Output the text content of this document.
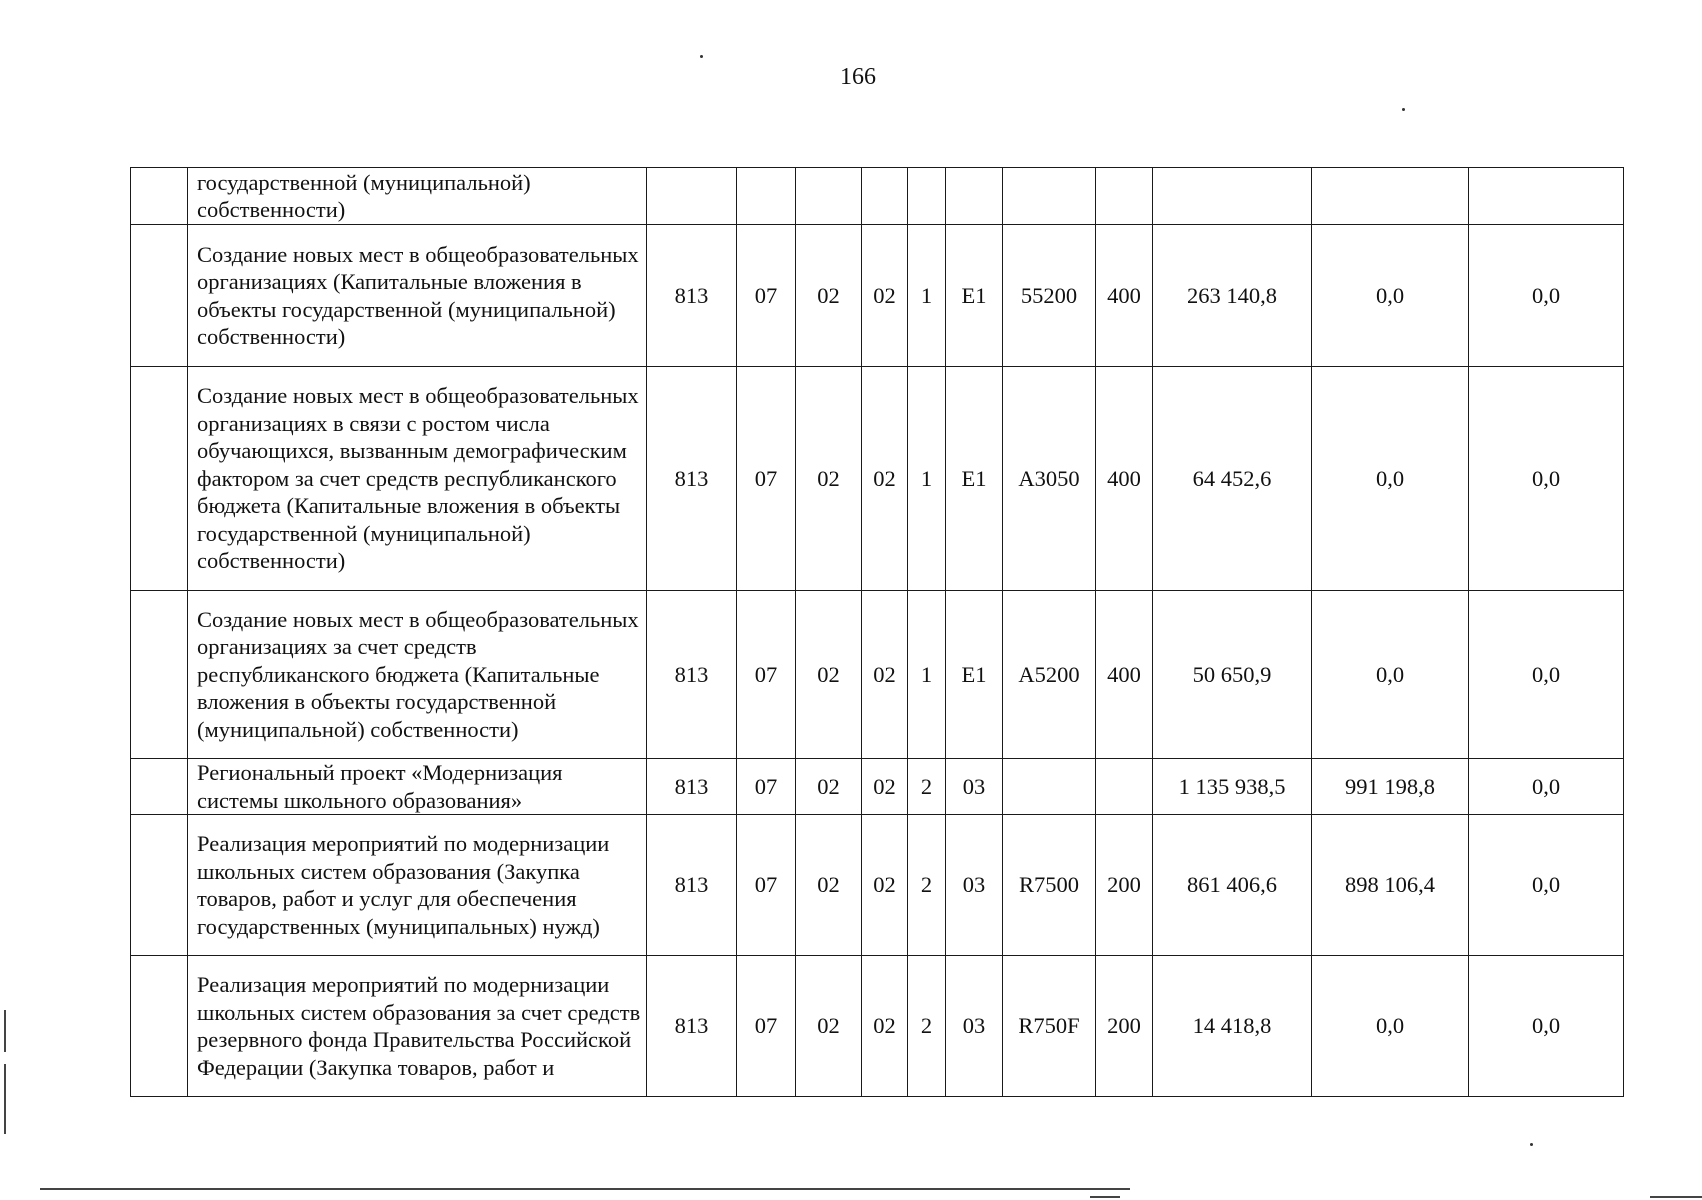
166
	государственной (муниципальной) собственности)											
	Создание новых мест в общеобразовательных организациях (Капитальные вложения в объекты государственной (муниципальной) собственности)	813	07	02	02	1	E1	55200	400	263 140,8	0,0	0,0
	Создание новых мест в общеобразовательных организациях в связи с ростом числа обучающихся, вызванным демографическим фактором за счет средств республиканского бюджета (Капитальные вложения в объекты государственной (муниципальной) собственности)	813	07	02	02	1	E1	A3050	400	64 452,6	0,0	0,0
	Создание новых мест в общеобразовательных организациях за счет средств республиканского бюджета (Капитальные вложения в объекты государственной (муниципальной) собственности)	813	07	02	02	1	E1	A5200	400	50 650,9	0,0	0,0
	Региональный проект «Модернизация системы школьного образования»	813	07	02	02	2	03			1 135 938,5	991 198,8	0,0
	Реализация мероприятий по модернизации школьных систем образования (Закупка товаров, работ и услуг для обеспечения государственных (муниципальных) нужд)	813	07	02	02	2	03	R7500	200	861 406,6	898 106,4	0,0
	Реализация мероприятий по модернизации школьных систем образования за счет средств резервного фонда Правительства Российской Федерации (Закупка товаров, работ и	813	07	02	02	2	03	R750F	200	14 418,8	0,0	0,0
